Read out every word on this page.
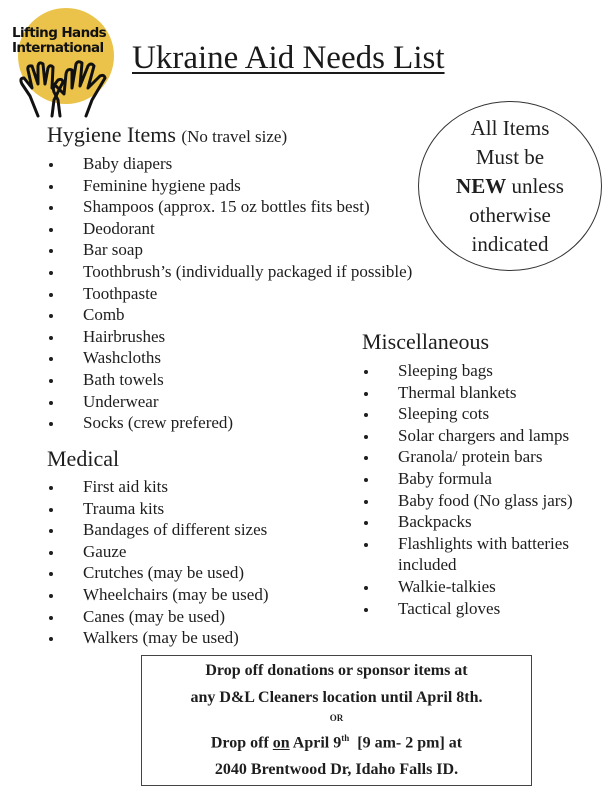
Lifting Hands
International Ukraine Aid Needs List
Hygiene Items (No travel size)
Baby diapers
Feminine hygiene pads
Shampoos (approx. 15 oz bottles fits best)
Deodorant
Bar soap
Toothbrush’s (individually packaged if possible)
Toothpaste
Comb
Hairbrushes
Washcloths
Bath towels
Underwear
Socks (crew prefered)
Medical
First aid kits
Trauma kits
Bandages of different sizes
Gauze
Crutches (may be used)
Wheelchairs (may be used)
Canes (may be used)
Walkers (may be used)
All Items
Must be
NEW unless
otherwise
indicated
Miscellaneous
Sleeping bags
Thermal blankets
Sleeping cots
Solar chargers and lamps
Granola/ protein bars
Baby formula
Baby food (No glass jars)
Backpacks
Flashlights with batteries included
Walkie-talkies
Tactical gloves
Drop off donations or sponsor items at
any D&L Cleaners location until April 8th.
OR
Drop off on April 9th  [9 am- 2 pm] at
2040 Brentwood Dr, Idaho Falls ID.
